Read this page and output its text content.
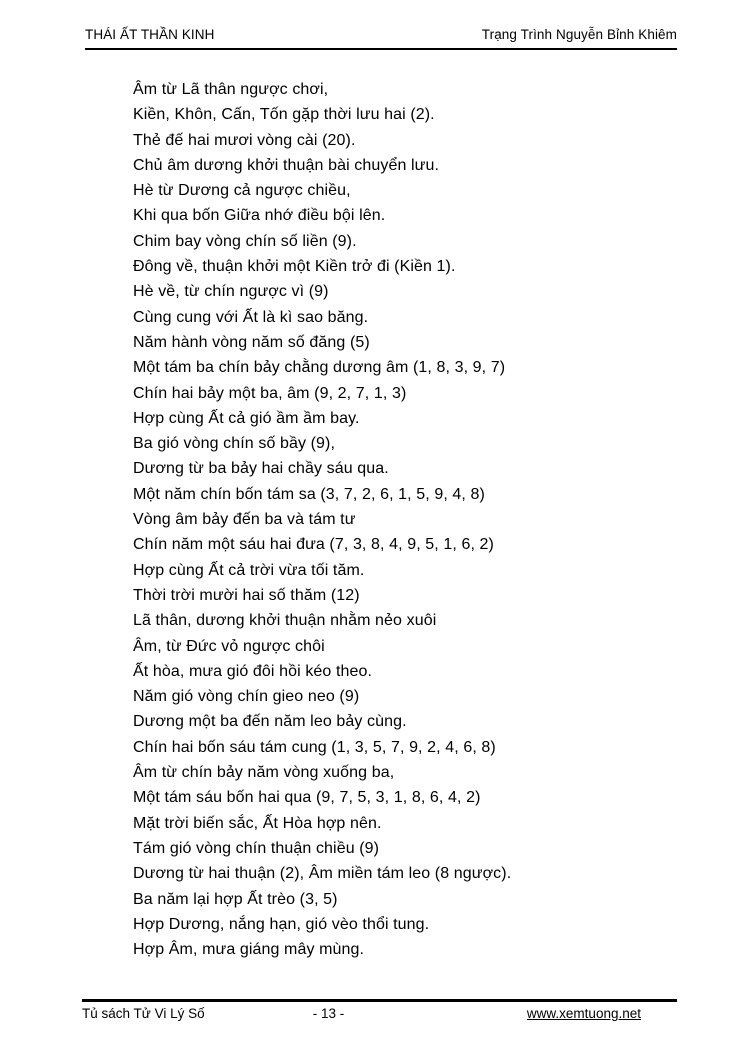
THÁI ẤT THẦN KINH	Trạng Trình Nguyễn Bỉnh Khiêm
Âm từ Lã thân ngược chơi,
Kiền, Khôn, Cấn, Tốn gặp thời lưu hai (2).
Thẻ đế hai mươi vòng cài (20).
Chủ âm dương khởi thuận bài chuyển lưu.
Hè từ Dương cả ngược chiều,
Khi qua bốn Giữa nhớ điều bội lên.
Chim bay vòng chín số liền (9).
Đông về, thuận khởi một Kiền trở đi (Kiền 1).
Hè về, từ chín ngược vì (9)
Cùng cung với Ất là kì sao băng.
Năm hành vòng năm số đăng (5)
Một tám ba chín bảy chằng dương âm (1, 8, 3, 9, 7)
Chín hai bảy một ba, âm (9, 2, 7, 1, 3)
Hợp cùng Ất cả gió ầm ầm bay.
Ba gió vòng chín số bầy (9),
Dương từ ba bảy hai chầy sáu qua.
Một năm chín bốn tám sa (3, 7, 2, 6, 1, 5, 9, 4, 8)
Vòng âm bảy đến ba và tám tư
Chín năm một sáu hai đưa (7, 3, 8, 4, 9, 5, 1, 6, 2)
Hợp cùng Ất cả trời vừa tối tăm.
Thời trời mười hai số thăm (12)
Lã thân, dương khởi thuận nhằm nẻo xuôi
Âm, từ Đức vỏ ngược chôi
Ất hòa, mưa gió đôi hồi kéo theo.
Năm gió vòng chín gieo neo (9)
Dương một ba đến năm leo bảy cùng.
Chín hai bốn sáu tám cung (1, 3, 5, 7, 9, 2, 4, 6, 8)
Âm từ chín bảy năm vòng xuống ba,
Một tám sáu bốn hai qua (9, 7, 5, 3, 1, 8, 6, 4, 2)
Mặt trời biến sắc, Ất Hòa hợp nên.
Tám gió vòng chín thuận chiều (9)
Dương từ hai thuận (2), Âm miền tám leo (8 ngược).
Ba năm lại hợp Ất trèo (3, 5)
Hợp Dương, nắng hạn, gió vèo thổi tung.
Hợp Âm, mưa giáng mây mùng.
Tủ sách Tử Vi Lý Số	- 13 -	www.xemtuong.net
